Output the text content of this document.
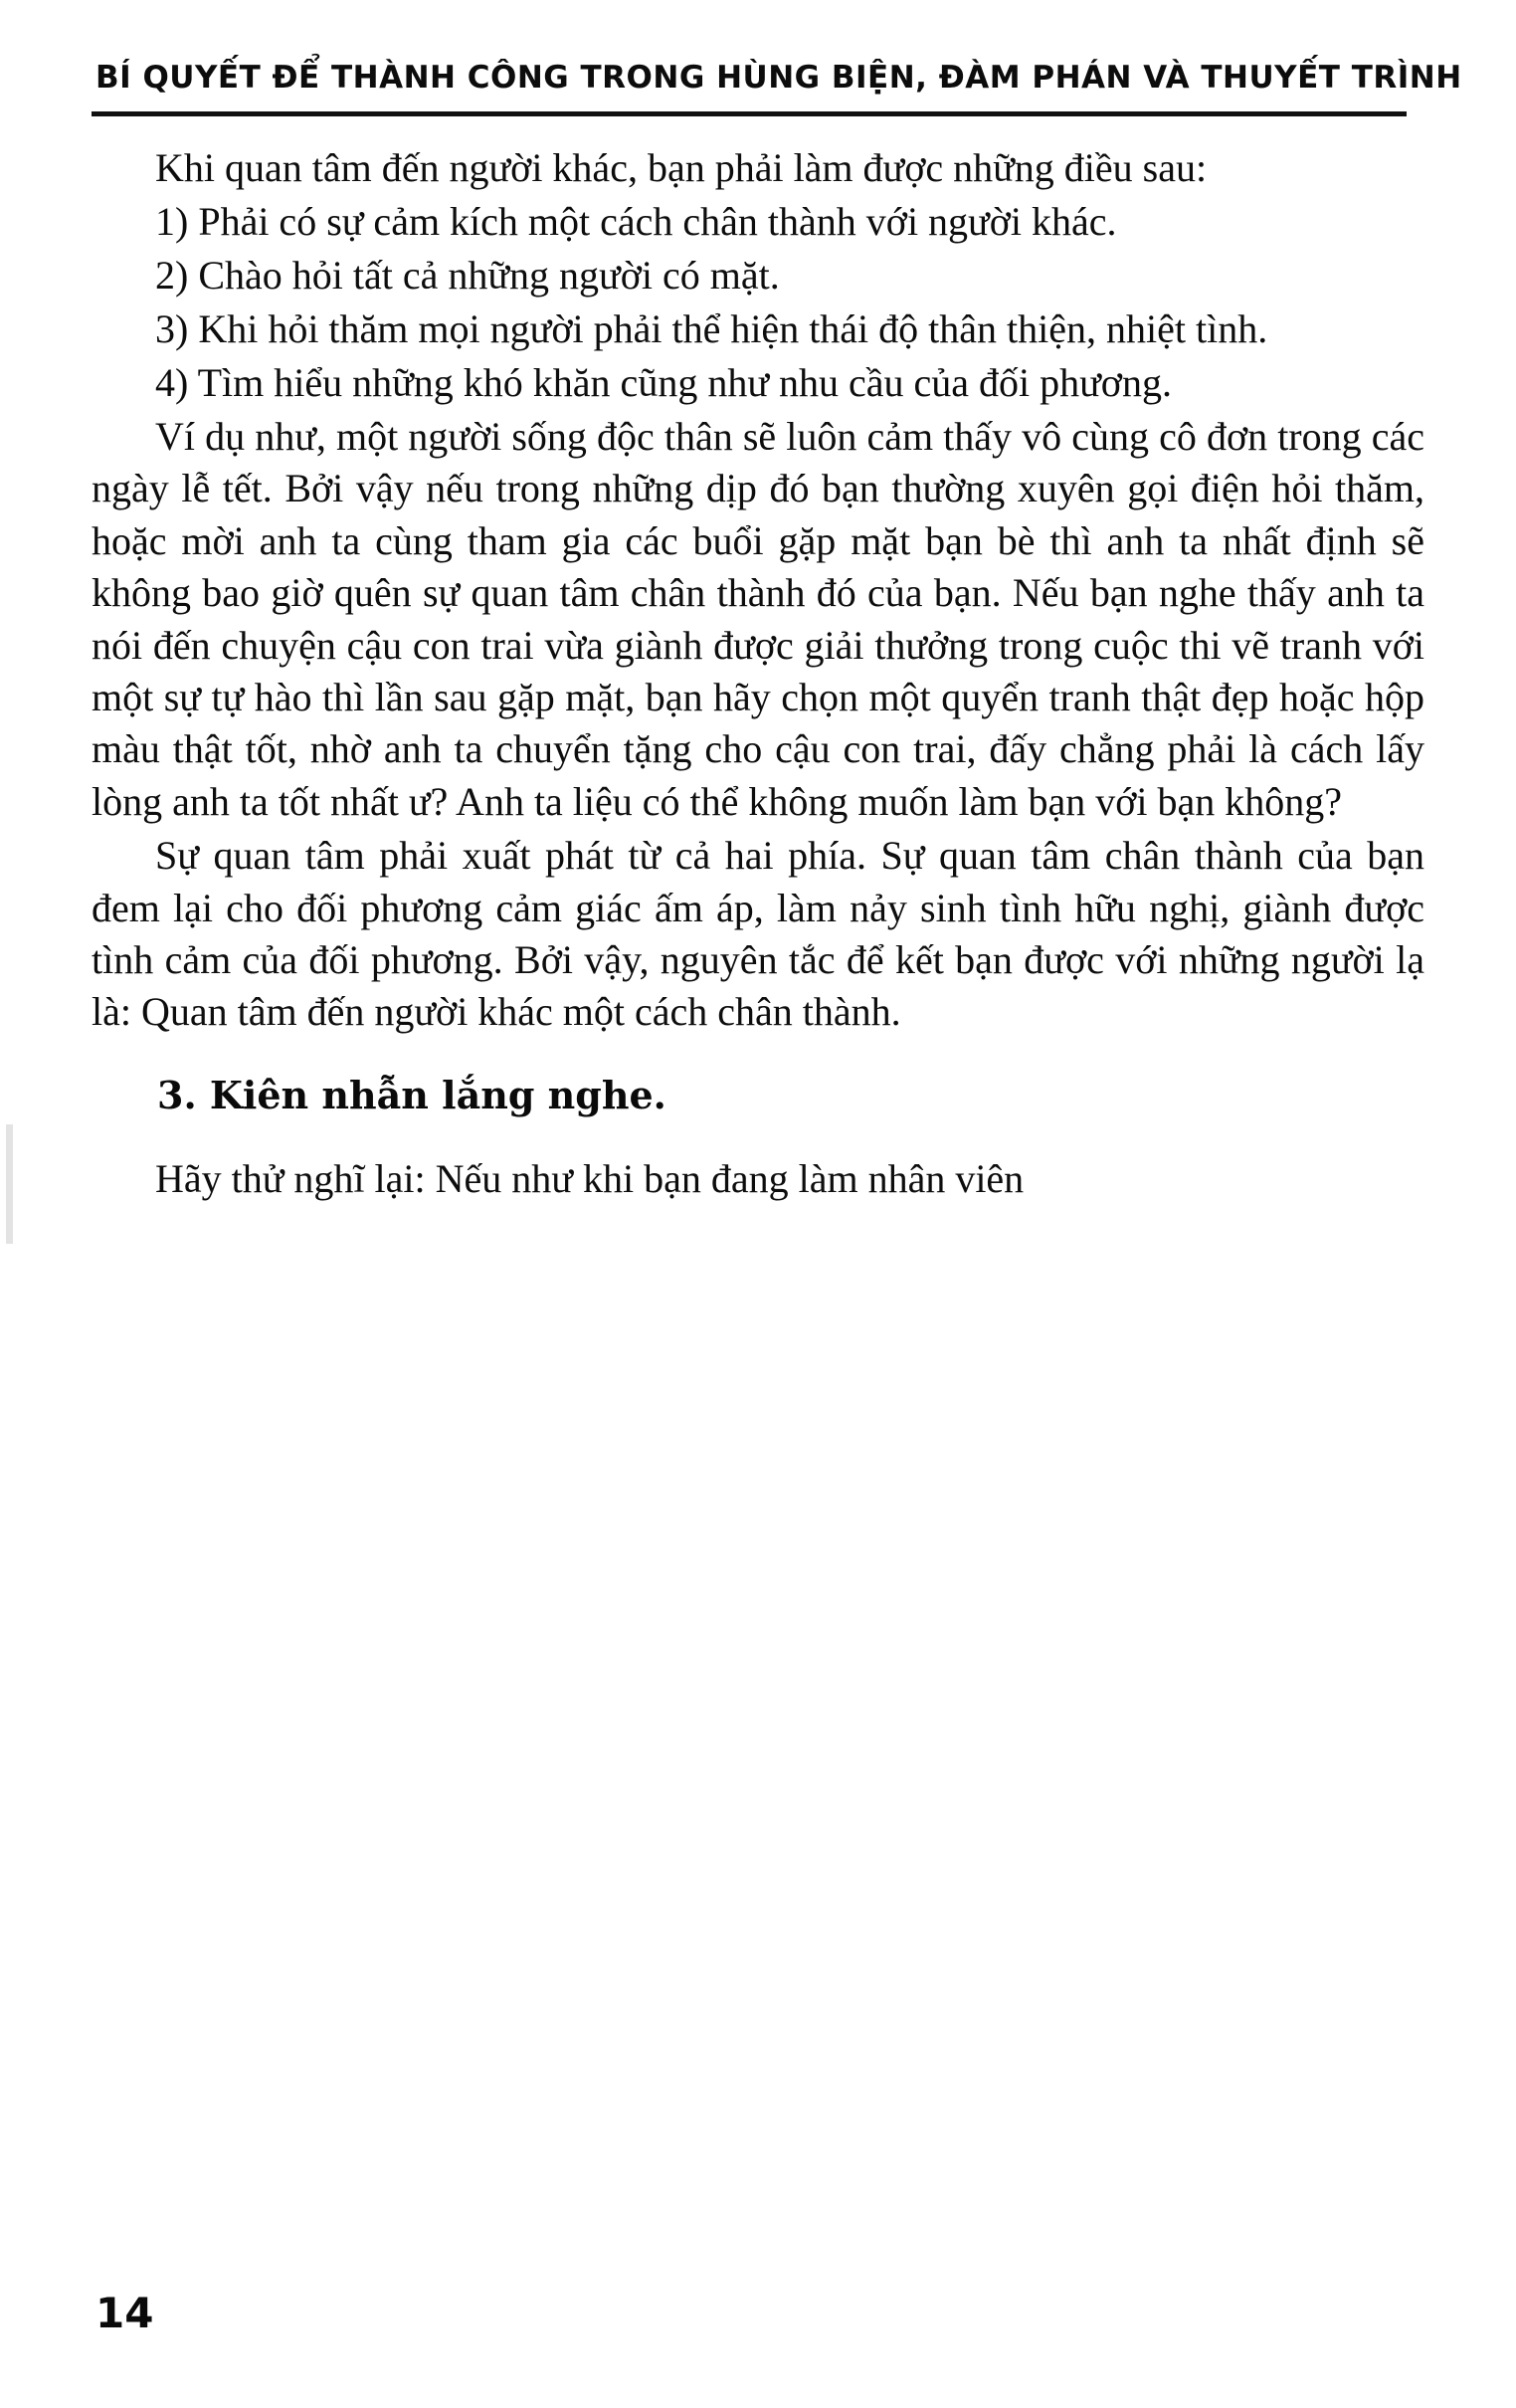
BÍ QUYẾT ĐỂ THÀNH CÔNG TRONG HÙNG BIỆN, ĐÀM PHÁN VÀ THUYẾT TRÌNH

Khi quan tâm đến người khác, bạn phải làm được những điều sau:

1) Phải có sự cảm kích một cách chân thành với người khác.

2) Chào hỏi tất cả những người có mặt.

3) Khi hỏi thăm mọi người phải thể hiện thái độ thân thiện, nhiệt tình.

4) Tìm hiểu những khó khăn cũng như nhu cầu của đối phương.

Ví dụ như, một người sống độc thân sẽ luôn cảm thấy vô cùng cô đơn trong các ngày lễ tết. Bởi vậy nếu trong những dịp đó bạn thường xuyên gọi điện hỏi thăm, hoặc mời anh ta cùng tham gia các buổi gặp mặt bạn bè thì anh ta nhất định sẽ không bao giờ quên sự quan tâm chân thành đó của bạn. Nếu bạn nghe thấy anh ta nói đến chuyện cậu con trai vừa giành được giải thưởng trong cuộc thi vẽ tranh với một sự tự hào thì lần sau gặp mặt, bạn hãy chọn một quyển tranh thật đẹp hoặc hộp màu thật tốt, nhờ anh ta chuyển tặng cho cậu con trai, đấy chẳng phải là cách lấy lòng anh ta tốt nhất ư? Anh ta liệu có thể không muốn làm bạn với bạn không?

Sự quan tâm phải xuất phát từ cả hai phía. Sự quan tâm chân thành của bạn đem lại cho đối phương cảm giác ấm áp, làm nảy sinh tình hữu nghị, giành được tình cảm của đối phương. Bởi vậy, nguyên tắc để kết bạn được với những người lạ là: Quan tâm đến người khác một cách chân thành.

3. Kiên nhẫn lắng nghe.

Hãy thử nghĩ lại: Nếu như khi bạn đang làm nhân viên

14
